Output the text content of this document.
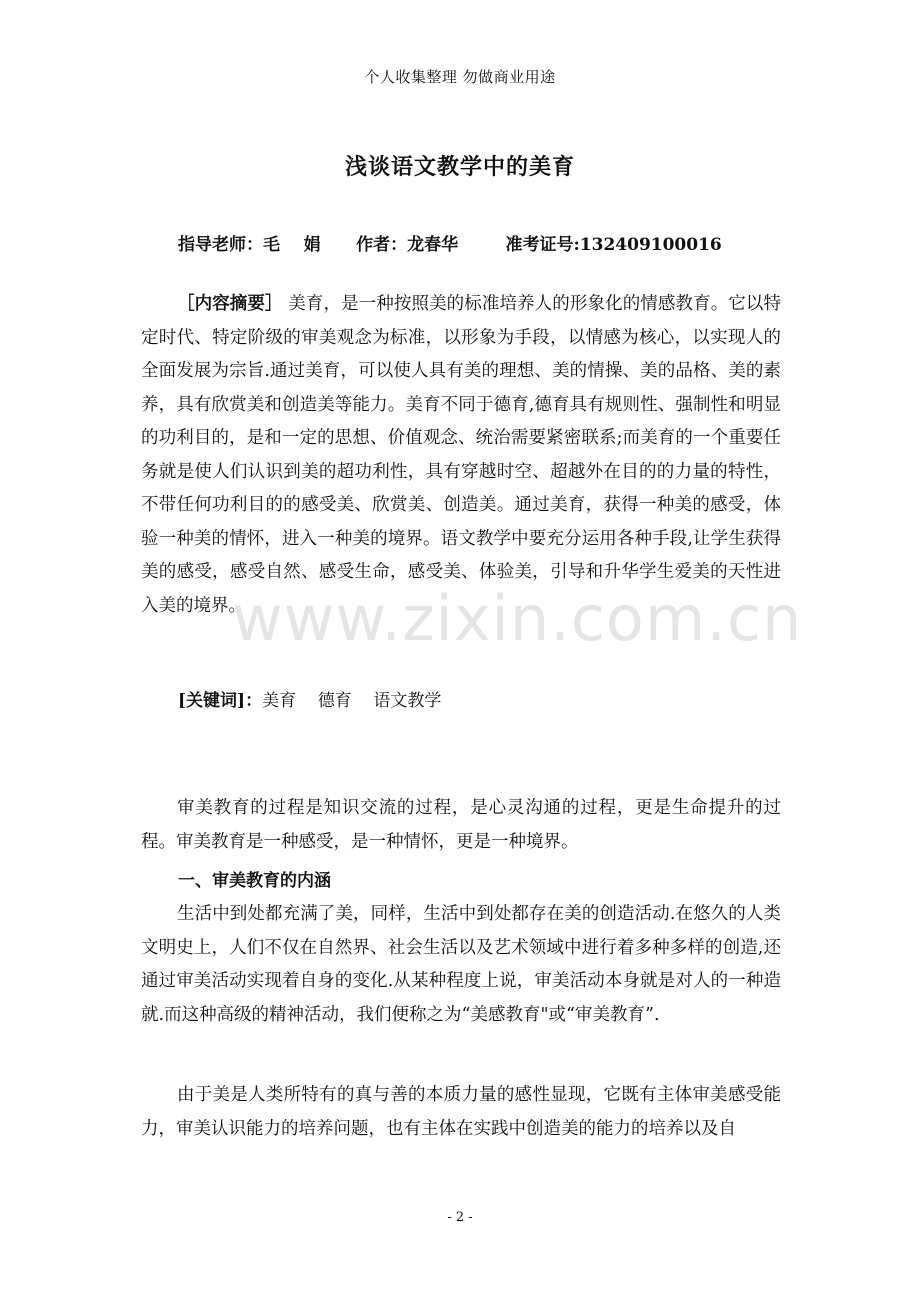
个人收集整理 勿做商业用途
浅谈语文教学中的美育
指导老师：毛    娟      作者：龙春华        准考证号:132409100016
［内容摘要］ 美育，是一种按照美的标准培养人的形象化的情感教育。它以特定时代、特定阶级的审美观念为标准，以形象为手段，以情感为核心，以实现人的全面发展为宗旨.通过美育，可以使人具有美的理想、美的情操、美的品格、美的素养，具有欣赏美和创造美等能力。美育不同于德育,德育具有规则性、强制性和明显的功利目的，是和一定的思想、价值观念、统治需要紧密联系;而美育的一个重要任务就是使人们认识到美的超功利性，具有穿越时空、超越外在目的的力量的特性，不带任何功利目的的感受美、欣赏美、创造美。通过美育，获得一种美的感受，体验一种美的情怀，进入一种美的境界。语文教学中要充分运用各种手段,让学生获得美的感受，感受自然、感受生命，感受美、体验美，引导和升华学生爱美的天性进入美的境界。
www.zixin.com.cn
[关键词]：美育    德育    语文教学
审美教育的过程是知识交流的过程，是心灵沟通的过程，更是生命提升的过程。审美教育是一种感受，是一种情怀，更是一种境界。
一、审美教育的内涵
生活中到处都充满了美，同样，生活中到处都存在美的创造活动.在悠久的人类文明史上，人们不仅在自然界、社会生活以及艺术领域中进行着多种多样的创造,还通过审美活动实现着自身的变化.从某种程度上说，审美活动本身就是对人的一种造就.而这种高级的精神活动，我们便称之为“美感教育"或“审美教育”.
由于美是人类所特有的真与善的本质力量的感性显现，它既有主体审美感受能力，审美认识能力的培养问题，也有主体在实践中创造美的能力的培养以及自
- 2 -
